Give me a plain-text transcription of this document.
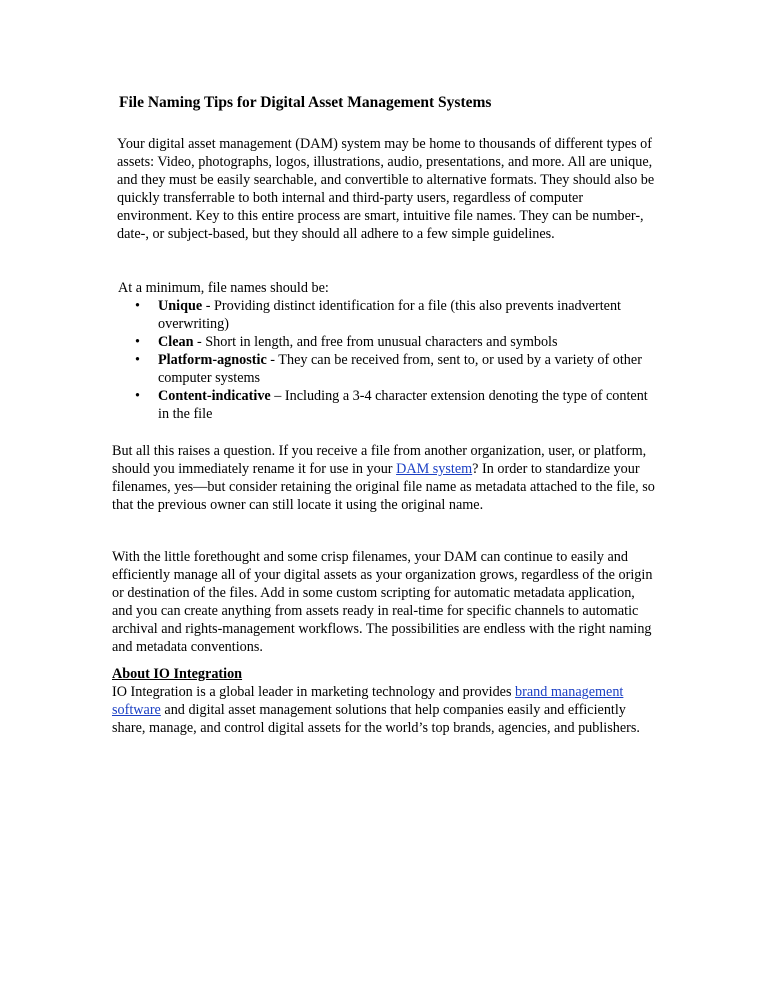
File Naming Tips for Digital Asset Management Systems
Your digital asset management (DAM) system may be home to thousands of different types of assets: Video, photographs, logos, illustrations, audio, presentations, and more. All are unique, and they must be easily searchable, and convertible to alternative formats. They should also be quickly transferrable to both internal and third-party users, regardless of computer environment. Key to this entire process are smart, intuitive file names. They can be number-, date-, or subject-based, but they should all adhere to a few simple guidelines.
At a minimum, file names should be:
• Unique - Providing distinct identification for a file (this also prevents inadvertent overwriting)
• Clean - Short in length, and free from unusual characters and symbols
• Platform-agnostic - They can be received from, sent to, or used by a variety of other computer systems
• Content-indicative – Including a 3-4 character extension denoting the type of content in the file
But all this raises a question. If you receive a file from another organization, user, or platform, should you immediately rename it for use in your DAM system? In order to standardize your filenames, yes—but consider retaining the original file name as metadata attached to the file, so that the previous owner can still locate it using the original name.
With the little forethought and some crisp filenames, your DAM can continue to easily and efficiently manage all of your digital assets as your organization grows, regardless of the origin or destination of the files. Add in some custom scripting for automatic metadata application, and you can create anything from assets ready in real-time for specific channels to automatic archival and rights-management workflows. The possibilities are endless with the right naming and metadata conventions.
About IO Integration
IO Integration is a global leader in marketing technology and provides brand management software and digital asset management solutions that help companies easily and efficiently share, manage, and control digital assets for the world’s top brands, agencies, and publishers.
